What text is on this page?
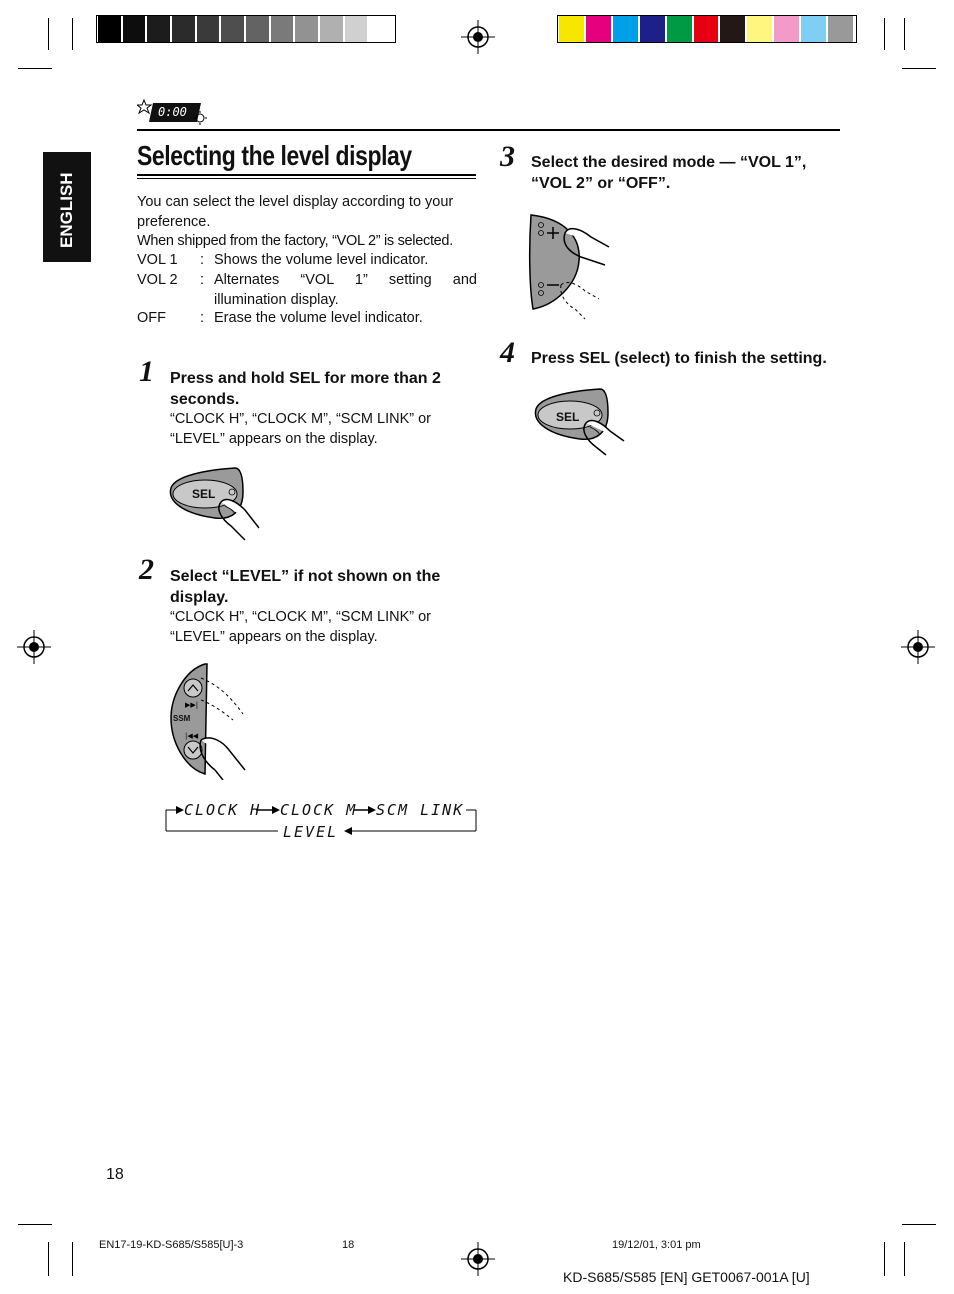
0:00
ENGLISH
Selecting the level display
You can select the level display according to your preference.
When shipped from the factory, “VOL 2” is selected.
VOL 1 : Shows the volume level indicator.
VOL 2 : Alternates “VOL 1” setting and illumination display.
OFF : Erase the volume level indicator.
1 Press and hold SEL for more than 2 seconds.
“CLOCK H”, “CLOCK M”, “SCM LINK” or “LEVEL” appears on the display.
SEL
2 Select “LEVEL” if not shown on the display.
“CLOCK H”, “CLOCK M”, “SCM LINK” or “LEVEL” appears on the display.
▶▶|
|◀◀
SSM
CLOCK H CLOCK M SCM LINK
LEVEL
3 Select the desired mode — “VOL 1”, “VOL 2” or “OFF”.
4 Press SEL (select) to finish the setting.
SEL
18
EN17-19-KD-S685/S585[U]-3	18	19/12/01, 3:01 pm
KD-S685/S585 [EN] GET0067-001A [U]
